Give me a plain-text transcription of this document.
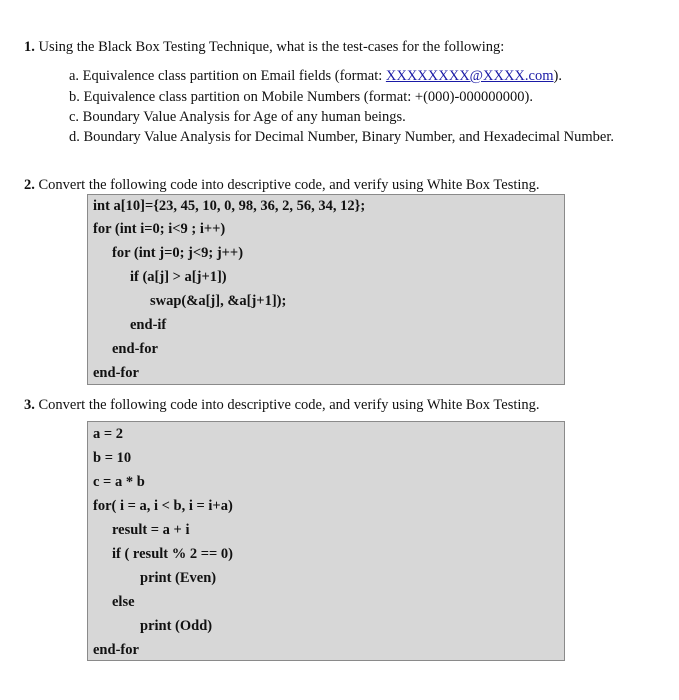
1. Using the Black Box Testing Technique, what is the test-cases for the following:
a. Equivalence class partition on Email fields (format: XXXXXXXX@XXXX.com).
b. Equivalence class partition on Mobile Numbers (format: +(000)-000000000).
c. Boundary Value Analysis for Age of any human beings.
d. Boundary Value Analysis for Decimal Number, Binary Number, and Hexadecimal Number.
2. Convert the following code into descriptive code, and verify using White Box Testing.
int a[10]={23, 45, 10, 0, 98, 36, 2, 56, 34, 12};
for (int i=0; i<9 ; i++)
for (int j=0; j<9; j++)
if (a[j] > a[j+1])
swap(&a[j], &a[j+1]);
end-if
end-for
end-for
3. Convert the following code into descriptive code, and verify using White Box Testing.
a = 2
b = 10
c = a * b
for( i = a, i < b, i = i+a)
result = a + i
if ( result % 2 == 0)
print (Even)
else
print (Odd)
end-for
